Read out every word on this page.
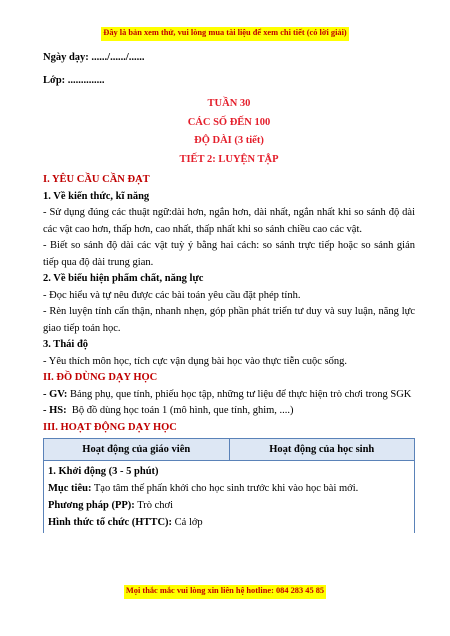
Đây là bản xem thử, vui lòng mua tài liệu để xem chi tiết (có lời giải)

Ngày dạy: ....../....../......

Lớp: ..............

TUẦN 30

CÁC SỐ ĐẾN 100

ĐỘ DÀI (3 tiết)

TIẾT 2: LUYỆN TẬP

I. YÊU CẦU CẦN ĐẠT

1. Về kiến thức, kĩ năng

- Sử dụng đúng các thuật ngữ:dài hơn, ngắn hơn, dài nhất, ngắn nhất khi so sánh độ dài các vật cao hơn, thấp hơn, cao nhất, thấp nhất khi so sánh chiều cao các vật.

- Biết so sánh độ dài các vật tuỳ ý bằng hai cách: so sánh trực tiếp hoặc so sánh gián tiếp qua độ dài trung gian.

2. Về biểu hiện phẩm chất, năng lực

- Đọc hiểu và tự nêu được các bài toán yêu cầu đặt phép tính.

- Rèn luyện tính cẩn thận, nhanh nhẹn, góp phần phát triển tư duy và suy luận, năng lực giao tiếp toán học.

3. Thái độ

- Yêu thích môn học, tích cực vận dụng bài học vào thực tiễn cuộc sống.

II. ĐỒ DÙNG DẠY HỌC

- GV: Bảng phụ, que tính, phiếu học tập, những tư liệu để thực hiện trò chơi trong SGK

- HS:  Bộ đồ dùng học toán 1 (mô hình, que tính, ghim, ....)

III. HOẠT ĐỘNG DẠY HỌC

Hoạt động của giáo viên	Hoạt động của học sinh

1. Khởi động (3 - 5 phút)

Mục tiêu: Tạo tâm thế phấn khởi cho học sinh trước khi vào học bài mới.

Phương pháp (PP): Trò chơi

Hình thức tổ chức (HTTC): Cả lớp

Mọi thắc mắc vui lòng xin liên hệ hotline: 084 283 45 85
